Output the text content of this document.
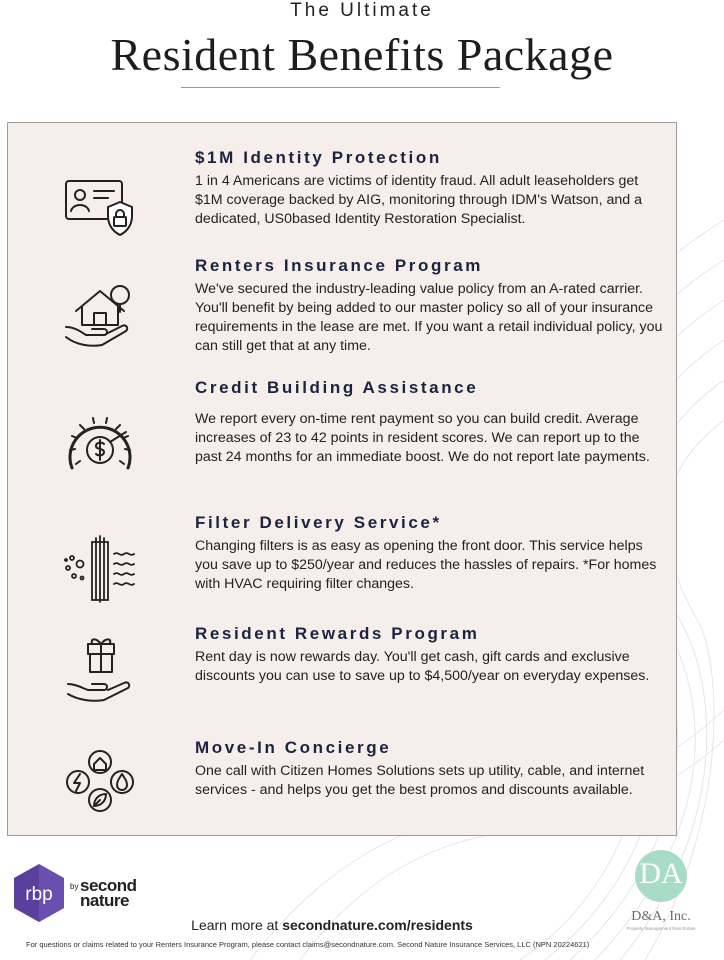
The Ultimate
Resident Benefits Package
$1M Identity Protection

1 in 4 Americans are victims of identity fraud. All adult leaseholders get $1M coverage backed by AIG, monitoring through IDM's Watson, and a dedicated, US0based Identity Restoration Specialist.

Renters Insurance Program

We've secured the industry-leading value policy from an A-rated carrier. You'll benefit by being added to our master policy so all of your insurance requirements in the lease are met. If you want a retail individual policy, you can still get that at any time.

Credit Building Assistance

We report every on-time rent payment so you can build credit. Average increases of 23 to 42 points in resident scores. We can report up to the past 24 months for an immediate boost. We do not report late payments.

Filter Delivery Service*

Changing filters is as easy as opening the front door. This service helps you save up to $250/year and reduces the hassles of repairs. *For homes with HVAC requiring filter changes.

Resident Rewards Program

Rent day is now rewards day. You'll get cash, gift cards and exclusive discounts you can use to save up to $4,500/year on everyday expenses.

Move-In Concierge

One call with Citizen Homes Solutions sets up utility, cable, and internet services - and helps you get the best promos and discounts available.

rbp by second
nature
Learn more at secondnature.com/residents
For questions or claims related to your Renters Insurance Program, please contact claims@secondnature.com. Second Nature Insurance Services, LLC (NPN 20224621)
DA
D&A, Inc.
Property Management Real Estate
